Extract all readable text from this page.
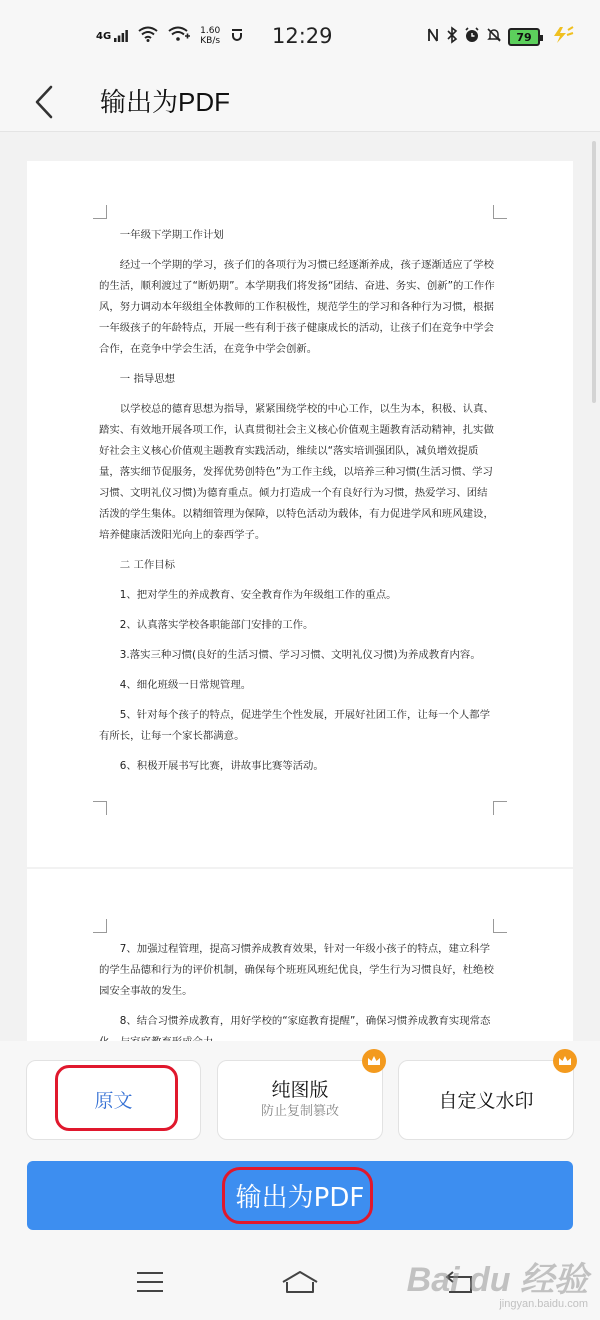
4G	1.60
KB/s 12:29	79
输出为PDF

一年级下学期工作计划

经过一个学期的学习，孩子们的各项行为习惯已经逐渐养成，孩子逐渐适应了学校的生活，顺利渡过了“断奶期”。本学期我们将发扬“团结、奋进、务实、创新”的工作作风，努力调动本年级组全体教师的工作积极性，规范学生的学习和各种行为习惯，根据一年级孩子的年龄特点，开展一些有利于孩子健康成长的活动，让孩子们在竞争中学会合作，在竞争中学会生活，在竞争中学会创新。

一 指导思想

以学校总的德育思想为指导，紧紧围绕学校的中心工作，以生为本，积极、认真、踏实、有效地开展各项工作，认真贯彻社会主义核心价值观主题教育活动精神，扎实做好社会主义核心价值观主题教育实践活动，维续以“落实培训强团队，减负增效提质量，落实细节促服务，发挥优势创特色”为工作主线，以培养三种习惯(生活习惯、学习习惯、文明礼仪习惯)为德育重点。倾力打造成一个有良好行为习惯，热爱学习、团结活泼的学生集体。以精细管理为保障，以特色活动为载体，有力促进学风和班风建设，培养健康活泼阳光向上的泰西学子。

二 工作目标

1、把对学生的养成教育、安全教育作为年级组工作的重点。

2、认真落实学校各职能部门安排的工作。

3.落实三种习惯(良好的生活习惯、学习习惯、文明礼仪习惯)为养成教育内容。

4、细化班级一日常规管理。

5、针对每个孩子的特点，促进学生个性发展，开展好社团工作，让每一个人都学有所长，让每一个家长都满意。

6、积极开展书写比赛，讲故事比赛等活动。

7、加强过程管理，提高习惯养成教育效果，针对一年级小孩子的特点，建立科学的学生品德和行为的评价机制，确保每个班班风班纪优良，学生行为习惯良好，杜绝校园安全事故的发生。

8、结合习惯养成教育，用好学校的“家庭教育提醒”，确保习惯养成教育实现常态

原文	纯图版
防止复制篡改	自定义水印
输出为PDF
Bai du 经验
jingyan.baidu.com
